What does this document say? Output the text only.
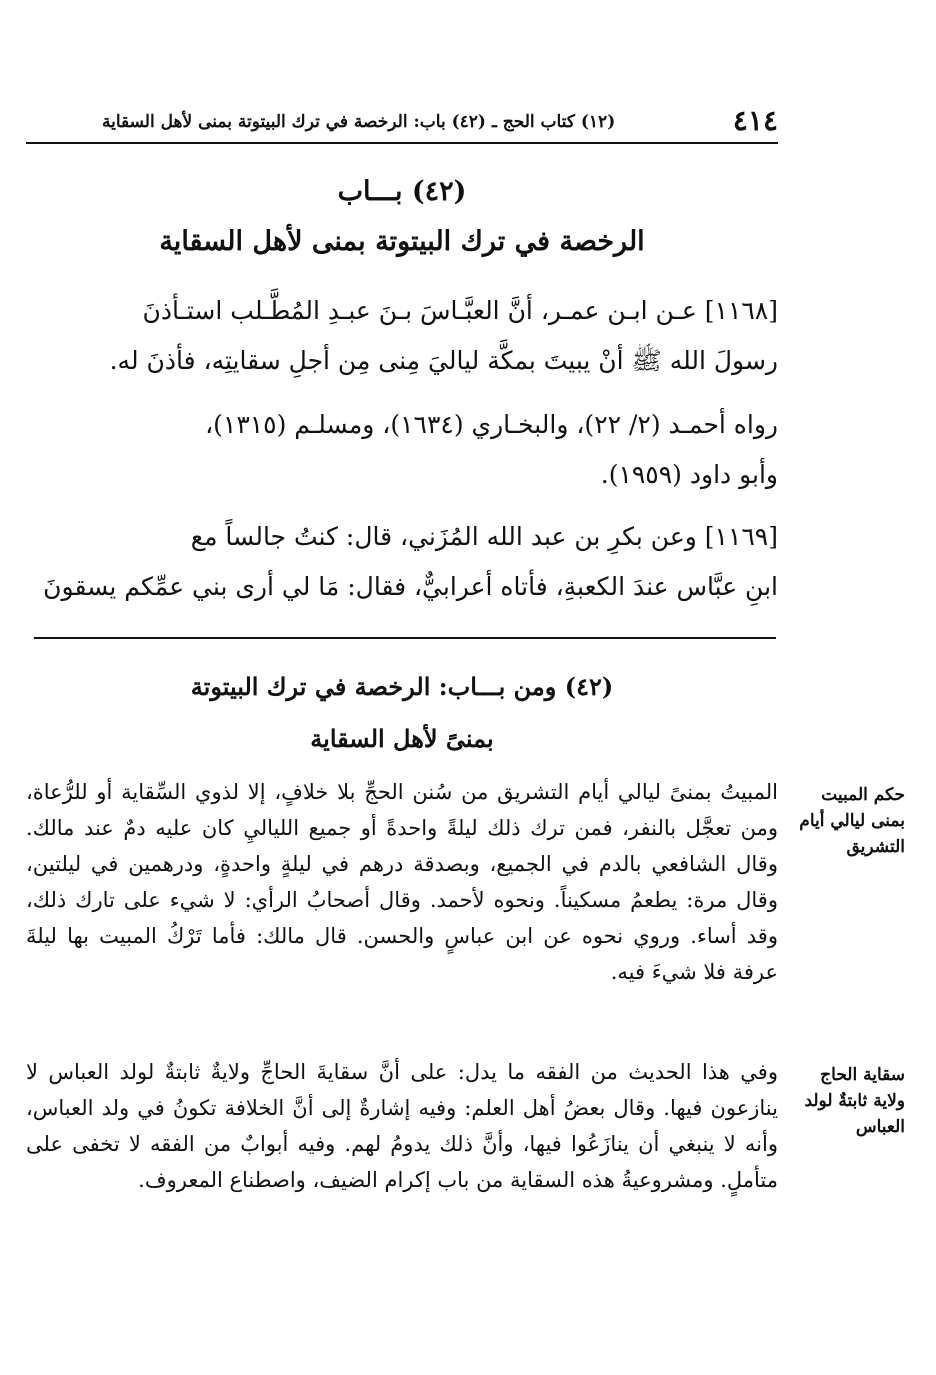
٤١٤
(١٢) كتاب الحج ـ (٤٢) باب: الرخصة في ترك البيتوتة بمنى لأهل السقاية
(٤٢) بـــاب
الرخصة في ترك البيتوتة بمنى لأهل السقاية

[١١٦٨] عـن ابـن عمـر، أنَّ العبَّـاسَ بـنَ عبـدِ المُطَّـلب استـأذنَ

رسولَ الله ﷺ أنْ يبيتَ بمكَّة لياليَ مِنى مِن أجلِ سقايتِه، فأذنَ له.

رواه أحمـد (٢/ ٢٢)، والبخـاري (١٦٣٤)، ومسلـم (١٣١٥)،

وأبو داود (١٩٥٩).

[١١٦٩] وعن بكرِ بن عبد الله المُزَني، قال: كنتُ جالساً مع

ابنِ عبَّاس عندَ الكعبةِ، فأتاه أعرابيٌّ، فقال: مَا لي أرى بني عمِّكم يسقونَ

(٤٢) ومن بـــاب: الرخصة في ترك البيتوتة
بمنىً لأهل السقاية
حكم المبيت بمنى ليالي أيام التشريق
المبيتُ بمنىً ليالي أيام التشريق من سُنن الحجِّ بلا خلافٍ، إلا لذوي السِّقاية أو للرُّعاة، ومن تعجَّل بالنفر، فمن ترك ذلك ليلةً واحدةً أو جميع اللياليِ كان عليه دمٌ عند مالك. وقال الشافعي بالدم في الجميع، وبصدقة درهم في ليلةٍ واحدةٍ، ودرهمين في ليلتين، وقال مرة: يطعمُ مسكيناً. ونحوه لأحمد. وقال أصحابُ الرأي: لا شيء على تارك ذلك، وقد أساء. وروي نحوه عن ابن عباسٍ والحسن. قال مالك: فأما تَرْكُ المبيت بها ليلةَ عرفة فلا شيءَ فيه.
سقاية الحاج ولاية ثابتةٌ لولد العباس
وفي هذا الحديث من الفقه ما يدل: على أنَّ سقايةَ الحاجِّ ولايةٌ ثابتةٌ لولد العباس لا ينازعون فيها. وقال بعضُ أهل العلم: وفيه إشارةٌ إلى أنَّ الخلافة تكونُ في ولد العباس، وأنه لا ينبغي أن ينازَعُوا فيها، وأنَّ ذلك يدومُ لهم. وفيه أبوابٌ من الفقه لا تخفى على متأملٍ. ومشروعيةُ هذه السقاية من باب إكرام الضيف، واصطناع المعروف.
